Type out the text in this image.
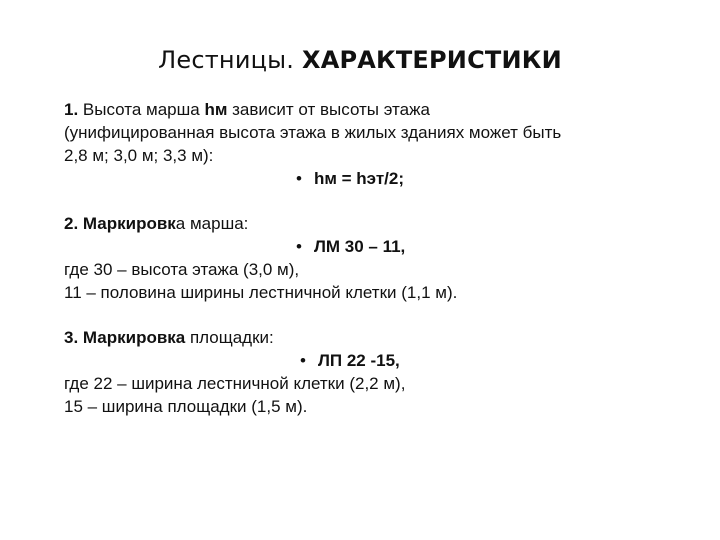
Лестницы. ХАРАКТЕРИСТИКИ
1. Высота марша hм зависит от высоты этажа
(унифицированная высота этажа в жилых зданиях может быть
2,8 м; 3,0 м; 3,3 м):
• hм = hэт/2;
2. Маркировка марша:
• ЛМ 30 – 11,
где 30 – высота этажа (3,0 м),
11 – половина ширины лестничной клетки (1,1 м).
3. Маркировка площадки:
• ЛП 22 -15,
где 22 – ширина лестничной клетки (2,2 м),
15 – ширина площадки (1,5 м).
